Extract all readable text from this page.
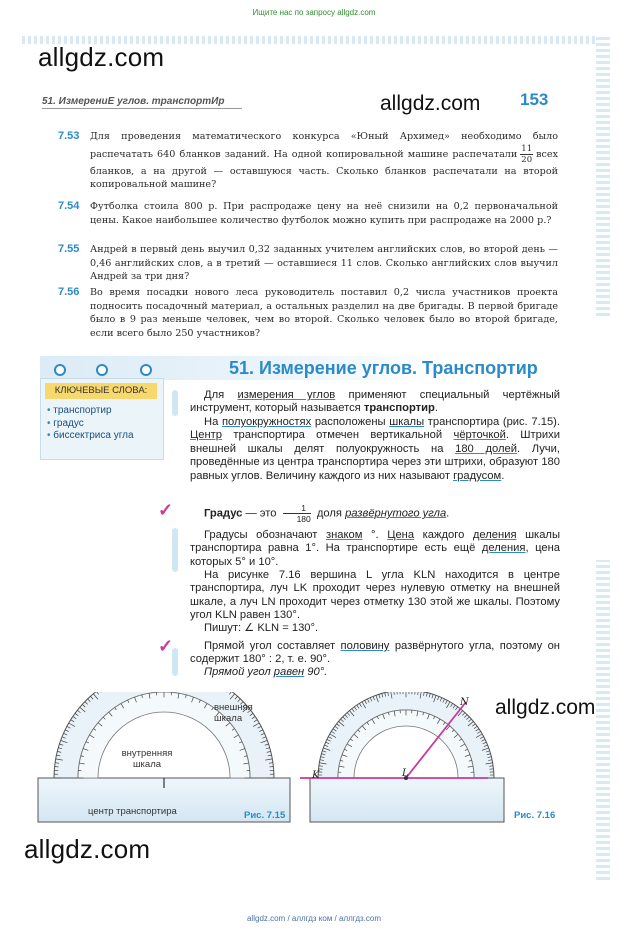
Ищите нас по запросу allgdz.com
allgdz.com
allgdz.com
allgdz.com
allgdz.com
51. ИзмерениЕ углов. транспортИр	153
7.53 Для проведения математического конкурса «Юный Архимед» необходимо было распечатать 640 бланков заданий. На одной копировальной машине распечатали $\frac{11}{20}$ всех бланков, а на другой — оставшуюся часть. Сколько бланков распечатали на второй копировальной машине?
7.54 Футболка стоила 800 р. При распродаже цену на неё снизили на 0,2 первоначальной цены. Какое наибольшее количество футболок можно купить при распродаже на 2000 р.?
7.55 Андрей в первый день выучил 0,32 заданных учителем английских слов, во второй день — 0,46 английских слов, а в третий — оставшиеся 11 слов. Сколько английских слов выучил Андрей за три дня?
7.56 Во время посадки нового леса руководитель поставил 0,2 числа участников проекта подносить посадочный материал, а остальных разделил на две бригады. В первой бригаде было в 9 раз меньше человек, чем во второй. Сколько человек было во второй бригаде, если всего было 250 участников?
51. Измерение углов. Транспортир
КЛЮЧЕВЫЕ СЛОВА:
• транспортир
• градус
• биссектриса угла
Для измерения углов применяют специальный чертёжный инструмент, который называется транспортир.
На полуокружностях расположены шкалы транспортира (рис. 7.15). Центр транспортира отмечен вертикальной чёрточкой. Штрихи внешней шкалы делят полуокружность на 180 долей. Лучи, проведённые из центра транспортира через эти штрихи, образуют 180 равных углов. Величину каждого из них называют градусом.
✓	Градус — это $\frac{1}{180}$ доля развёрнутого угла.
Градусы обозначают знаком °. Цена каждого деления шкалы транспортира равна 1°. На транспортире есть ещё деления, цена которых 5° и 10°.
На рисунке 7.16 вершина L угла KLN находится в центре транспортира, луч LK проходит через нулевую отметку на внешней шкале, а луч LN проходит через отметку 130 этой же шкалы. Поэтому угол KLN равен 130°.
Пишут: ∠ KLN = 130°.
✓	Прямой угол составляет половину развёрнутого угла, поэтому он содержит 180° : 2, т. е. 90°.
Прямой угол равен 90°.
внешняя шкала
внутренняя шкала
центр транспортира	Рис. 7.15
K	L
N
Рис. 7.16
allgdz.com / аллгдз ком / аллгдз.com
